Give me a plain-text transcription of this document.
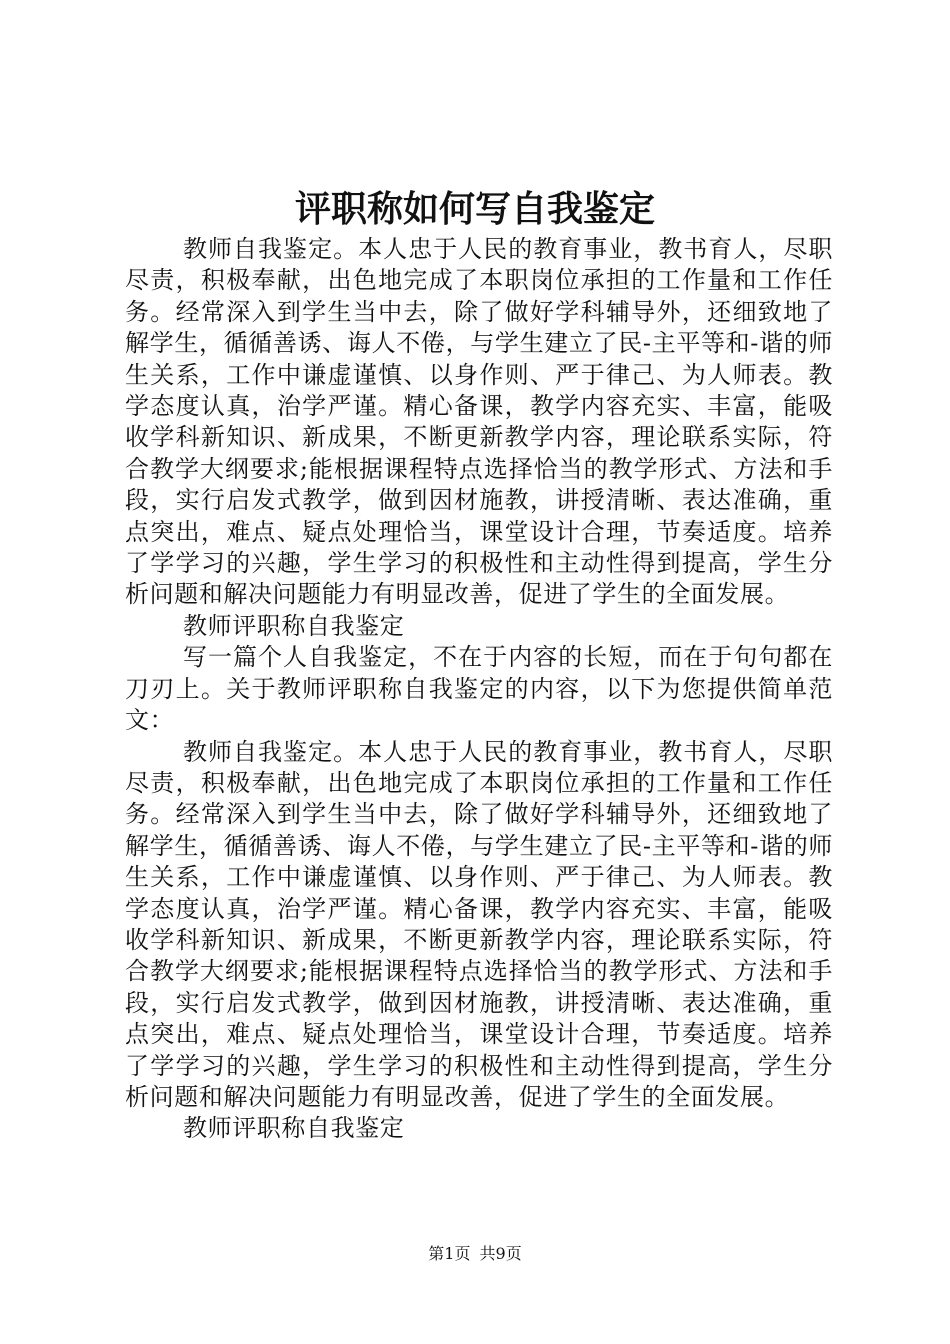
评职称如何写自我鉴定

教师自我鉴定。本人忠于人民的教育事业，教书育人，尽职尽责，积极奉献，出色地完成了本职岗位承担的工作量和工作任务。经常深入到学生当中去，除了做好学科辅导外，还细致地了解学生，循循善诱、诲人不倦，与学生建立了民-主平等和-谐的师生关系，工作中谦虚谨慎、以身作则、严于律己、为人师表。教学态度认真，治学严谨。精心备课，教学内容充实、丰富，能吸收学科新知识、新成果，不断更新教学内容，理论联系实际，符合教学大纲要求;能根据课程特点选择恰当的教学形式、方法和手段，实行启发式教学，做到因材施教，讲授清晰、表达准确，重点突出，难点、疑点处理恰当，课堂设计合理，节奏适度。培养了学学习的兴趣，学生学习的积极性和主动性得到提高，学生分析问题和解决问题能力有明显改善，促进了学生的全面发展。

教师评职称自我鉴定

写一篇个人自我鉴定，不在于内容的长短，而在于句句都在刀刃上。关于教师评职称自我鉴定的内容，以下为您提供简单范文：

教师自我鉴定。本人忠于人民的教育事业，教书育人，尽职尽责，积极奉献，出色地完成了本职岗位承担的工作量和工作任务。经常深入到学生当中去，除了做好学科辅导外，还细致地了解学生，循循善诱、诲人不倦，与学生建立了民-主平等和-谐的师生关系，工作中谦虚谨慎、以身作则、严于律己、为人师表。教学态度认真，治学严谨。精心备课，教学内容充实、丰富，能吸收学科新知识、新成果，不断更新教学内容，理论联系实际，符合教学大纲要求;能根据课程特点选择恰当的教学形式、方法和手段，实行启发式教学，做到因材施教，讲授清晰、表达准确，重点突出，难点、疑点处理恰当，课堂设计合理，节奏适度。培养了学学习的兴趣，学生学习的积极性和主动性得到提高，学生分析问题和解决问题能力有明显改善，促进了学生的全面发展。

教师评职称自我鉴定

第1页 共9页
